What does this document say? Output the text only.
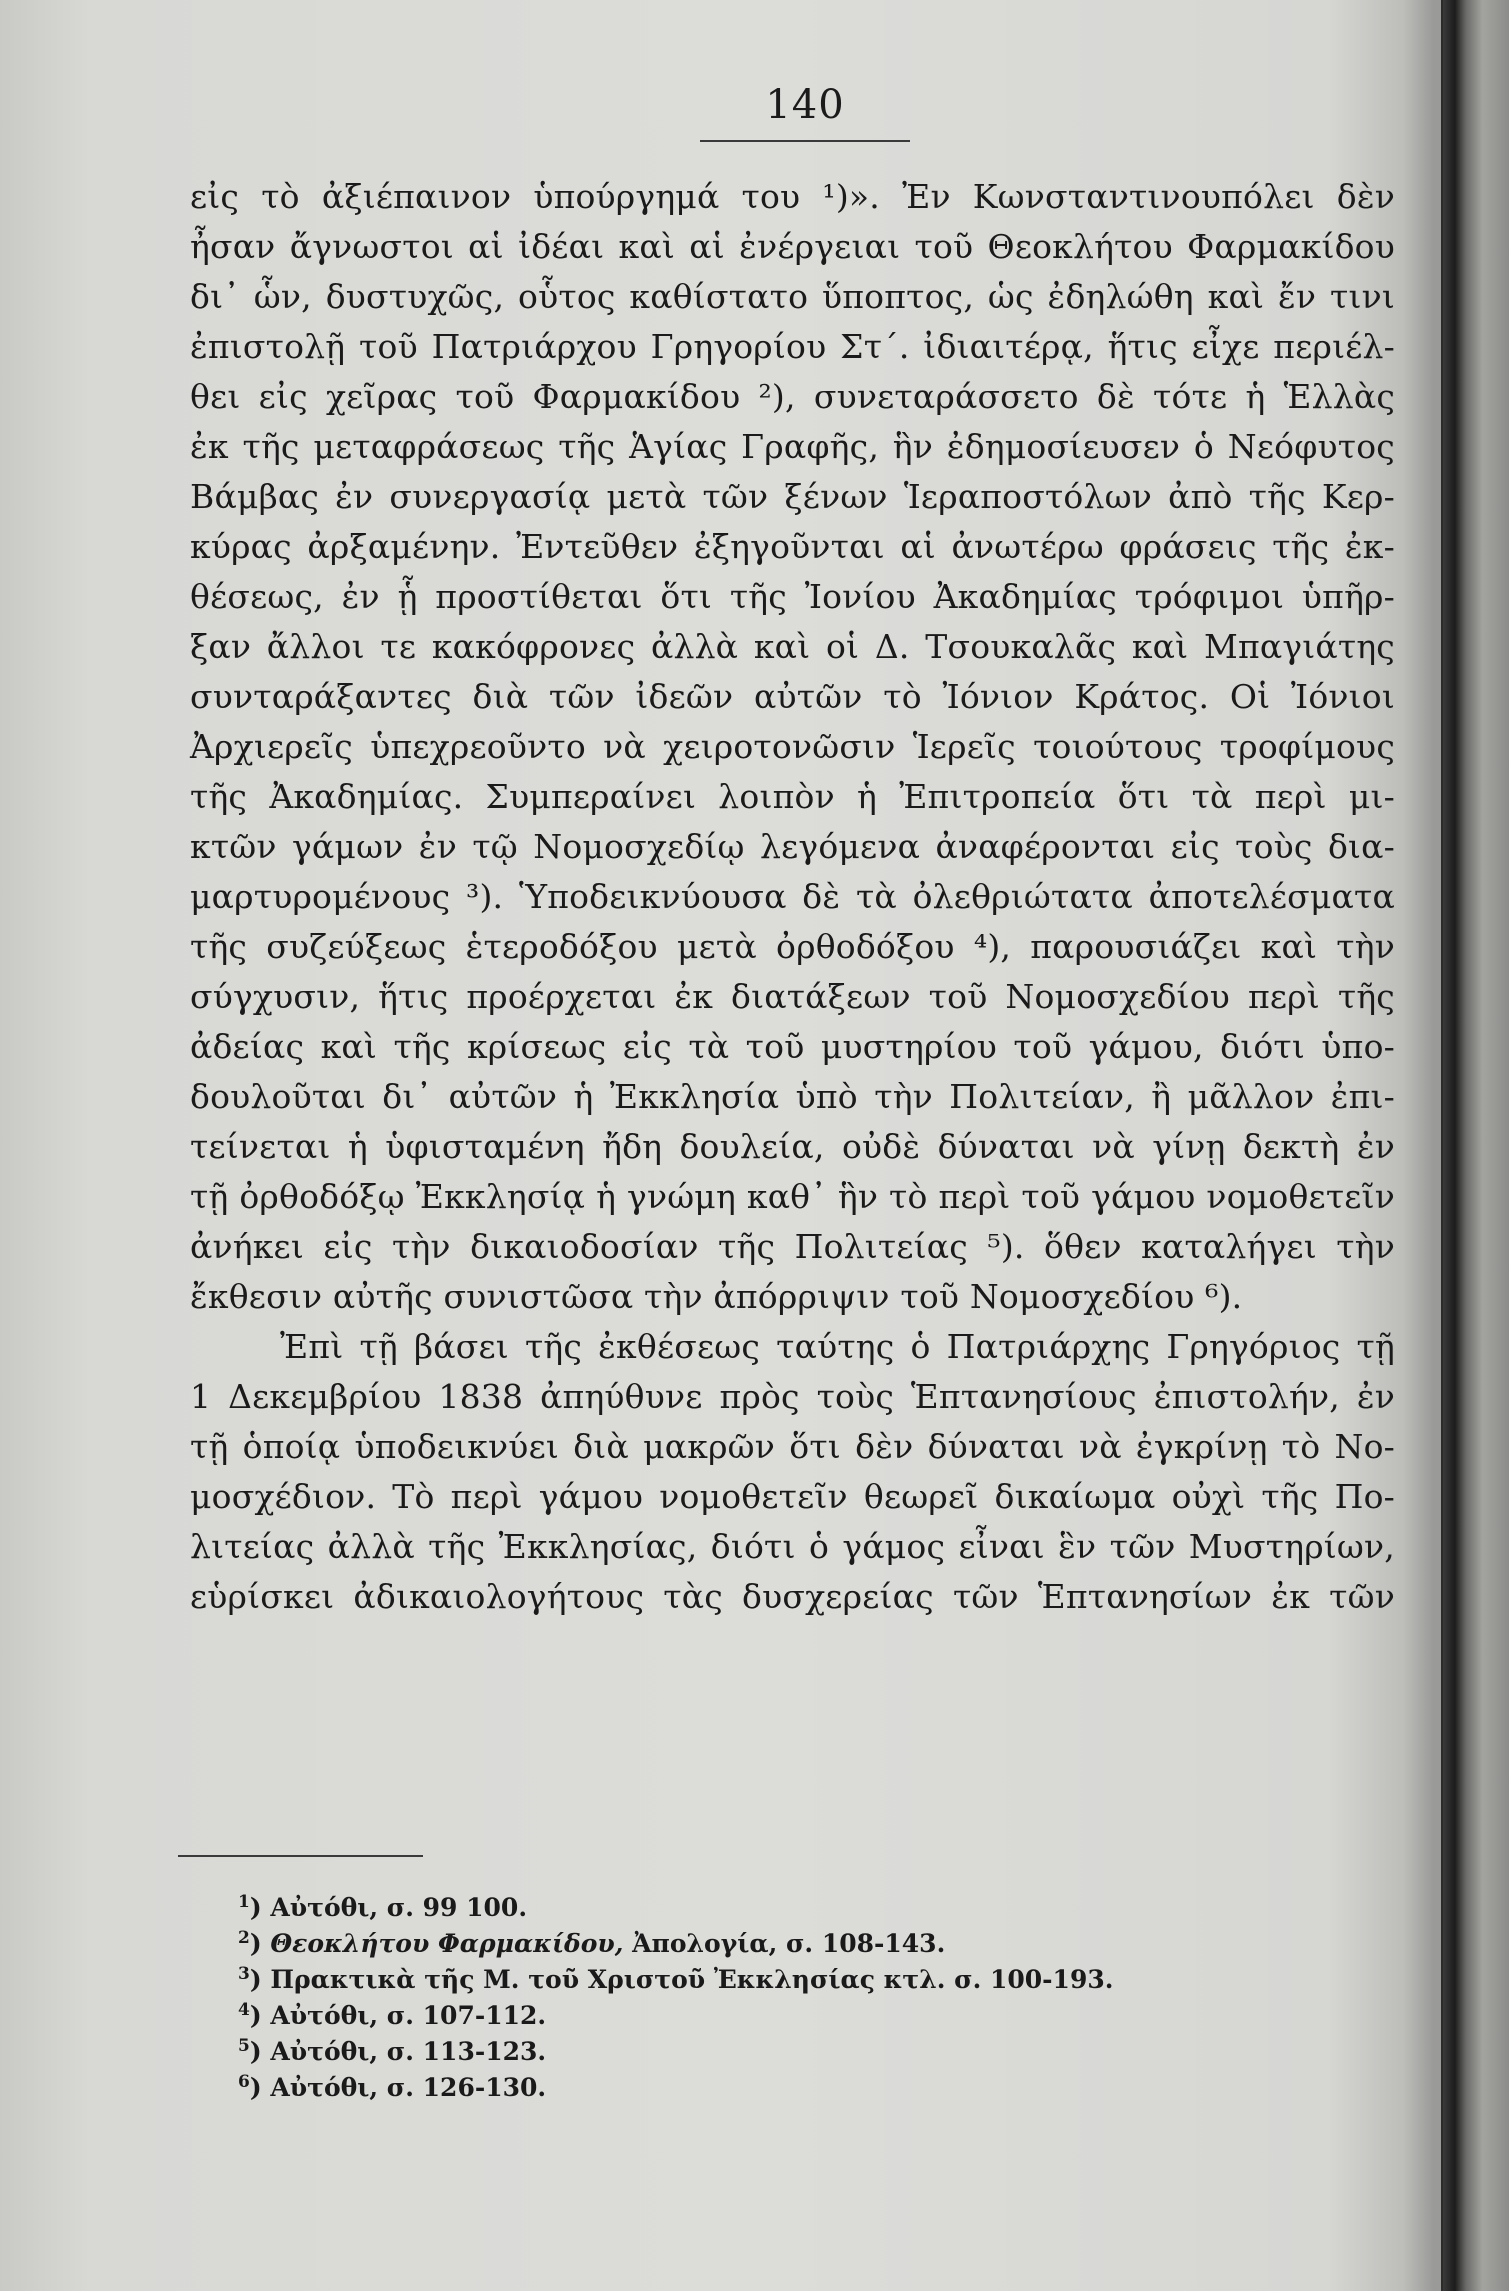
140
εἰς τὸ ἀξιέπαινον ὑπούργημά του ¹)». Ἐν Κωνσταντινουπόλει δὲν
ἦσαν ἄγνωστοι αἱ ἰδέαι καὶ αἱ ἐνέργειαι τοῦ Θεοκλήτου Φαρμακίδου
δι᾽ ὧν, δυστυχῶς, οὗτος καθίστατο ὕποπτος, ὡς ἐδηλώθη καὶ ἔν τινι
ἐπιστολῇ τοῦ Πατριάρχου Γρηγορίου Στ΄. ἰδιαιτέρᾳ, ἥτις εἶχε περιέλ-
θει εἰς χεῖρας τοῦ Φαρμακίδου ²), συνεταράσσετο δὲ τότε ἡ Ἑλλὰς
ἐκ τῆς μεταφράσεως τῆς Ἁγίας Γραφῆς, ἣν ἐδημοσίευσεν ὁ Νεόφυτος
Βάμβας ἐν συνεργασίᾳ μετὰ τῶν ξένων Ἱεραποστόλων ἀπὸ τῆς Κερ-
κύρας ἀρξαμένην. Ἐντεῦθεν ἐξηγοῦνται αἱ ἀνωτέρω φράσεις τῆς ἐκ-
θέσεως, ἐν ᾗ προστίθεται ὅτι τῆς Ἰονίου Ἀκαδημίας τρόφιμοι ὑπῆρ-
ξαν ἄλλοι τε κακόφρονες ἀλλὰ καὶ οἱ Δ. Τσουκαλᾶς καὶ Μπαγιάτης
συνταράξαντες διὰ τῶν ἰδεῶν αὐτῶν τὸ Ἰόνιον Κράτος. Οἱ Ἰόνιοι
Ἀρχιερεῖς ὑπεχρεοῦντο νὰ χειροτονῶσιν Ἱερεῖς τοιούτους τροφίμους
τῆς Ἀκαδημίας. Συμπεραίνει λοιπὸν ἡ Ἐπιτροπεία ὅτι τὰ περὶ μι-
κτῶν γάμων ἐν τῷ Νομοσχεδίῳ λεγόμενα ἀναφέρονται εἰς τοὺς δια-
μαρτυρομένους ³). Ὑποδεικνύουσα δὲ τὰ ὀλεθριώτατα ἀποτελέσματα
τῆς συζεύξεως ἑτεροδόξου μετὰ ὀρθοδόξου ⁴), παρουσιάζει καὶ τὴν
σύγχυσιν, ἥτις προέρχεται ἐκ διατάξεων τοῦ Νομοσχεδίου περὶ τῆς
ἀδείας καὶ τῆς κρίσεως εἰς τὰ τοῦ μυστηρίου τοῦ γάμου, διότι ὑπο-
δουλοῦται δι᾽ αὐτῶν ἡ Ἐκκλησία ὑπὸ τὴν Πολιτείαν, ἢ μᾶλλον ἐπι-
τείνεται ἡ ὑφισταμένη ἤδη δουλεία, οὐδὲ δύναται νὰ γίνῃ δεκτὴ ἐν
τῇ ὀρθοδόξῳ Ἐκκλησίᾳ ἡ γνώμη καθ᾽ ἣν τὸ περὶ τοῦ γάμου νομοθετεῖν
ἀνήκει εἰς τὴν δικαιοδοσίαν τῆς Πολιτείας ⁵). ὅθεν καταλήγει τὴν
ἔκθεσιν αὐτῆς συνιστῶσα τὴν ἀπόρριψιν τοῦ Νομοσχεδίου ⁶).
Ἐπὶ τῇ βάσει τῆς ἐκθέσεως ταύτης ὁ Πατριάρχης Γρηγόριος τῇ
1 Δεκεμβρίου 1838 ἀπηύθυνε πρὸς τοὺς Ἑπτανησίους ἐπιστολήν, ἐν
τῇ ὁποίᾳ ὑποδεικνύει διὰ μακρῶν ὅτι δὲν δύναται νὰ ἐγκρίνῃ τὸ Νο-
μοσχέδιον. Τὸ περὶ γάμου νομοθετεῖν θεωρεῖ δικαίωμα οὐχὶ τῆς Πο-
λιτείας ἀλλὰ τῆς Ἐκκλησίας, διότι ὁ γάμος εἶναι ἓν τῶν Μυστηρίων,
εὑρίσκει ἀδικαιολογήτους τὰς δυσχερείας τῶν Ἑπτανησίων ἐκ τῶν
$^1$) Αὐτόθι, σ. 99 100.
$^2$) Θεοκλήτου Φαρμακίδου, Ἀπολογία, σ. 108-143.
$^3$) Πρακτικὰ τῆς Μ. τοῦ Χριστοῦ Ἐκκλησίας κτλ. σ. 100-193.
$^4$) Αὐτόθι, σ. 107-112.
$^5$) Αὐτόθι, σ. 113-123.
$^6$) Αὐτόθι, σ. 126-130.
